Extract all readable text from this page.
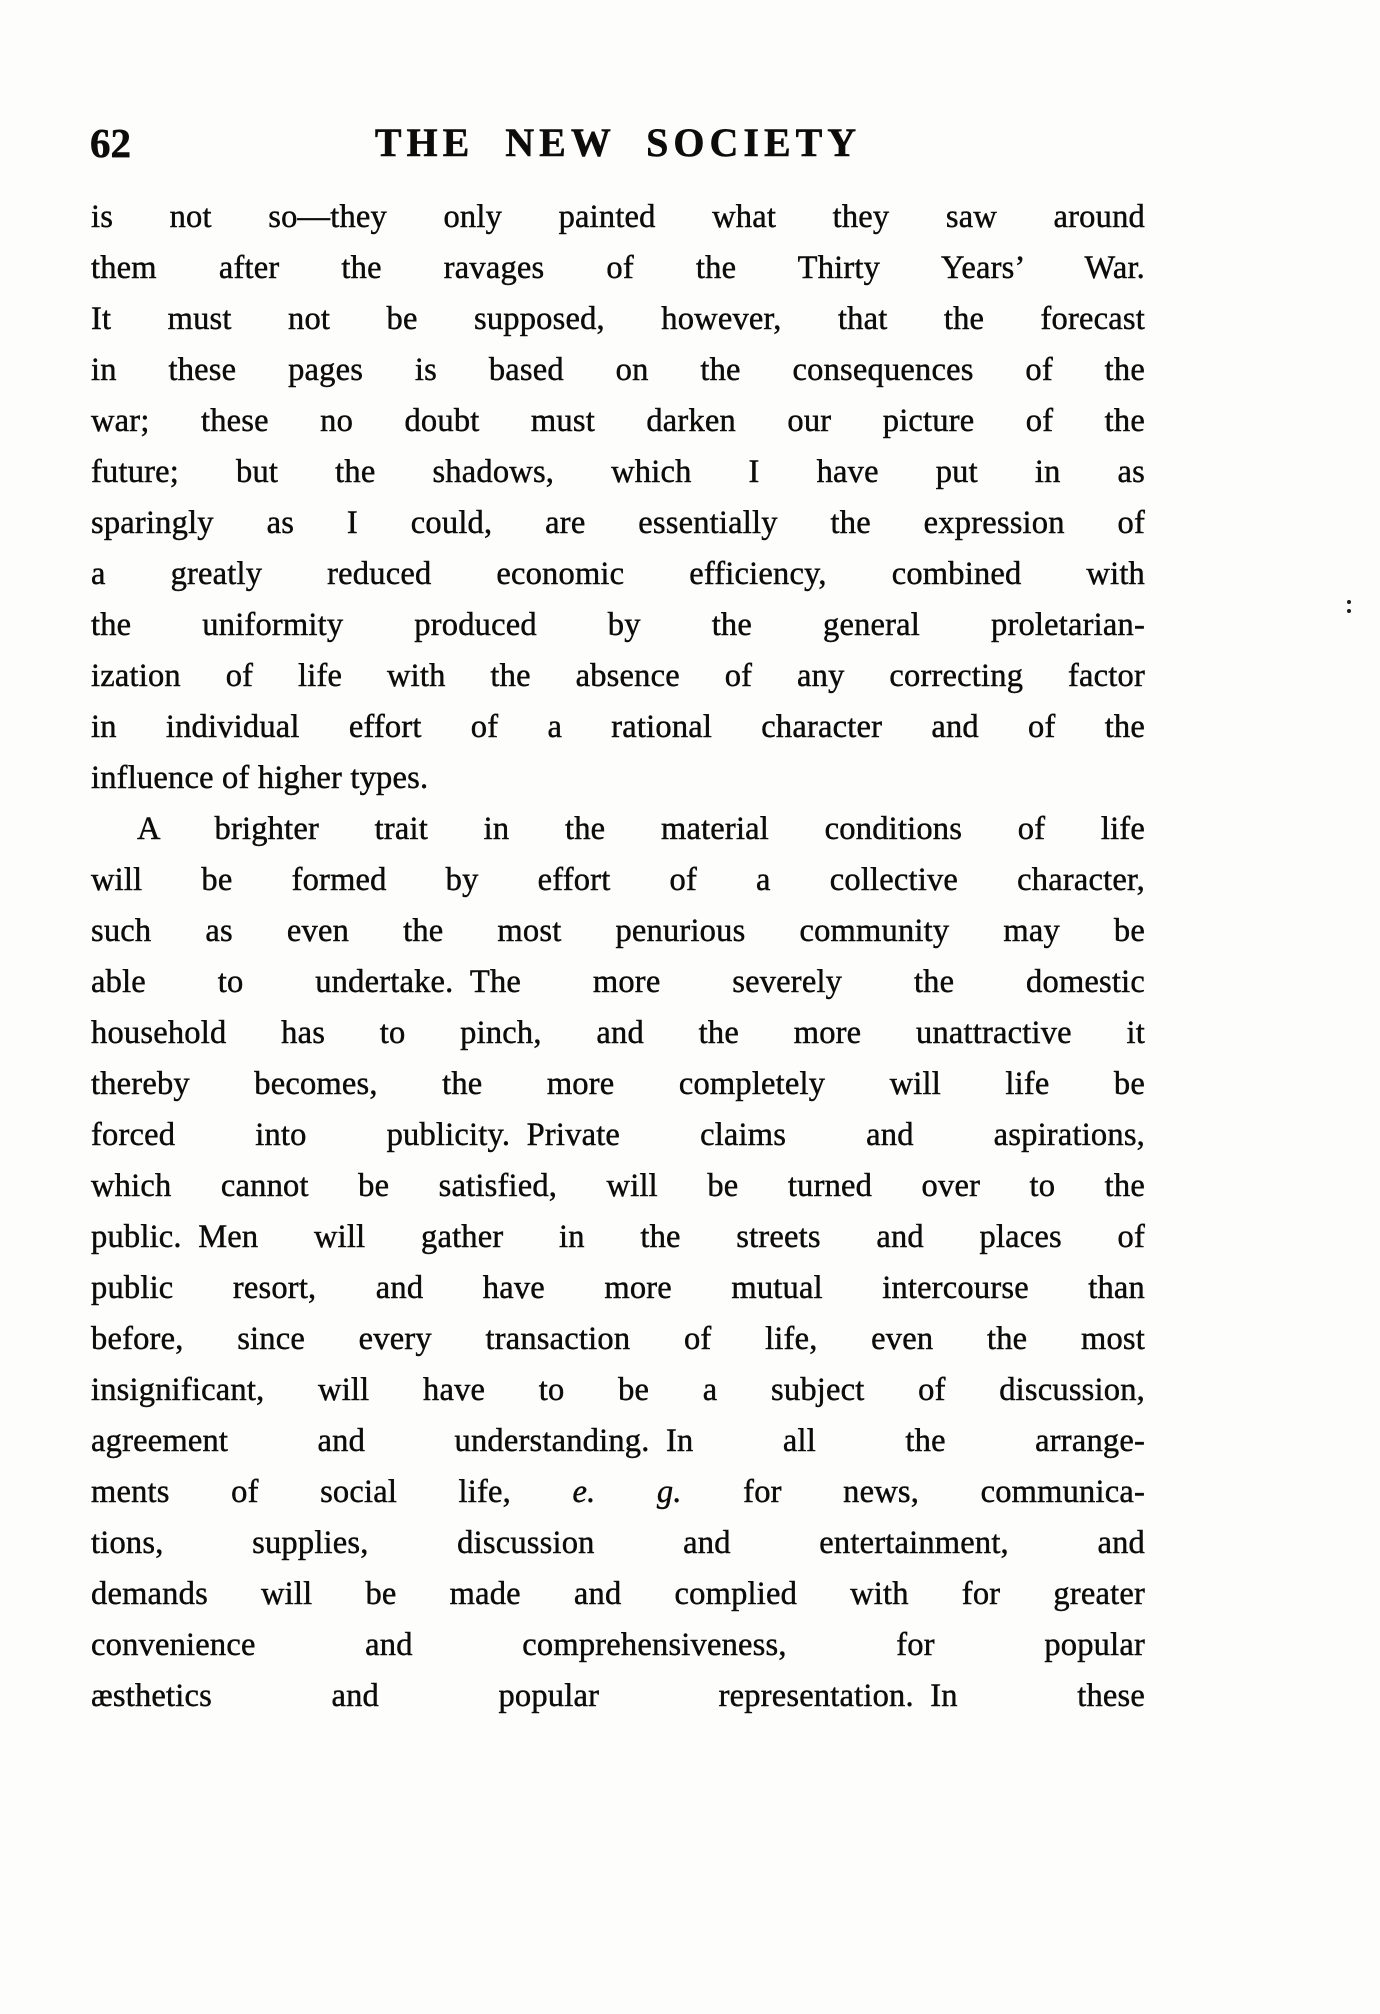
62	THE NEW SOCIETY
is not so—they only painted what they saw around
them after the ravages of the Thirty Years’ War.
It must not be supposed, however, that the forecast
in these pages is based on the consequences of the
war; these no doubt must darken our picture of the
future; but the shadows, which I have put in as
sparingly as I could, are essentially the expression of
a greatly reduced economic efficiency, combined with
the uniformity produced by the general proletarian-
ization of life with the absence of any correcting factor
in individual effort of a rational character and of the
influence of higher types.
A brighter trait in the material conditions of life
will be formed by effort of a collective character,
such as even the most penurious community may be
able to undertake. The more severely the domestic
household has to pinch, and the more unattractive it
thereby becomes, the more completely will life be
forced into publicity. Private claims and aspirations,
which cannot be satisfied, will be turned over to the
public. Men will gather in the streets and places of
public resort, and have more mutual intercourse than
before, since every transaction of life, even the most
insignificant, will have to be a subject of discussion,
agreement and understanding. In all the arrange-
ments of social life, e. g. for news, communica-
tions, supplies, discussion and entertainment, and
demands will be made and complied with for greater
convenience and comprehensiveness, for popular
æsthetics and popular representation. In these
